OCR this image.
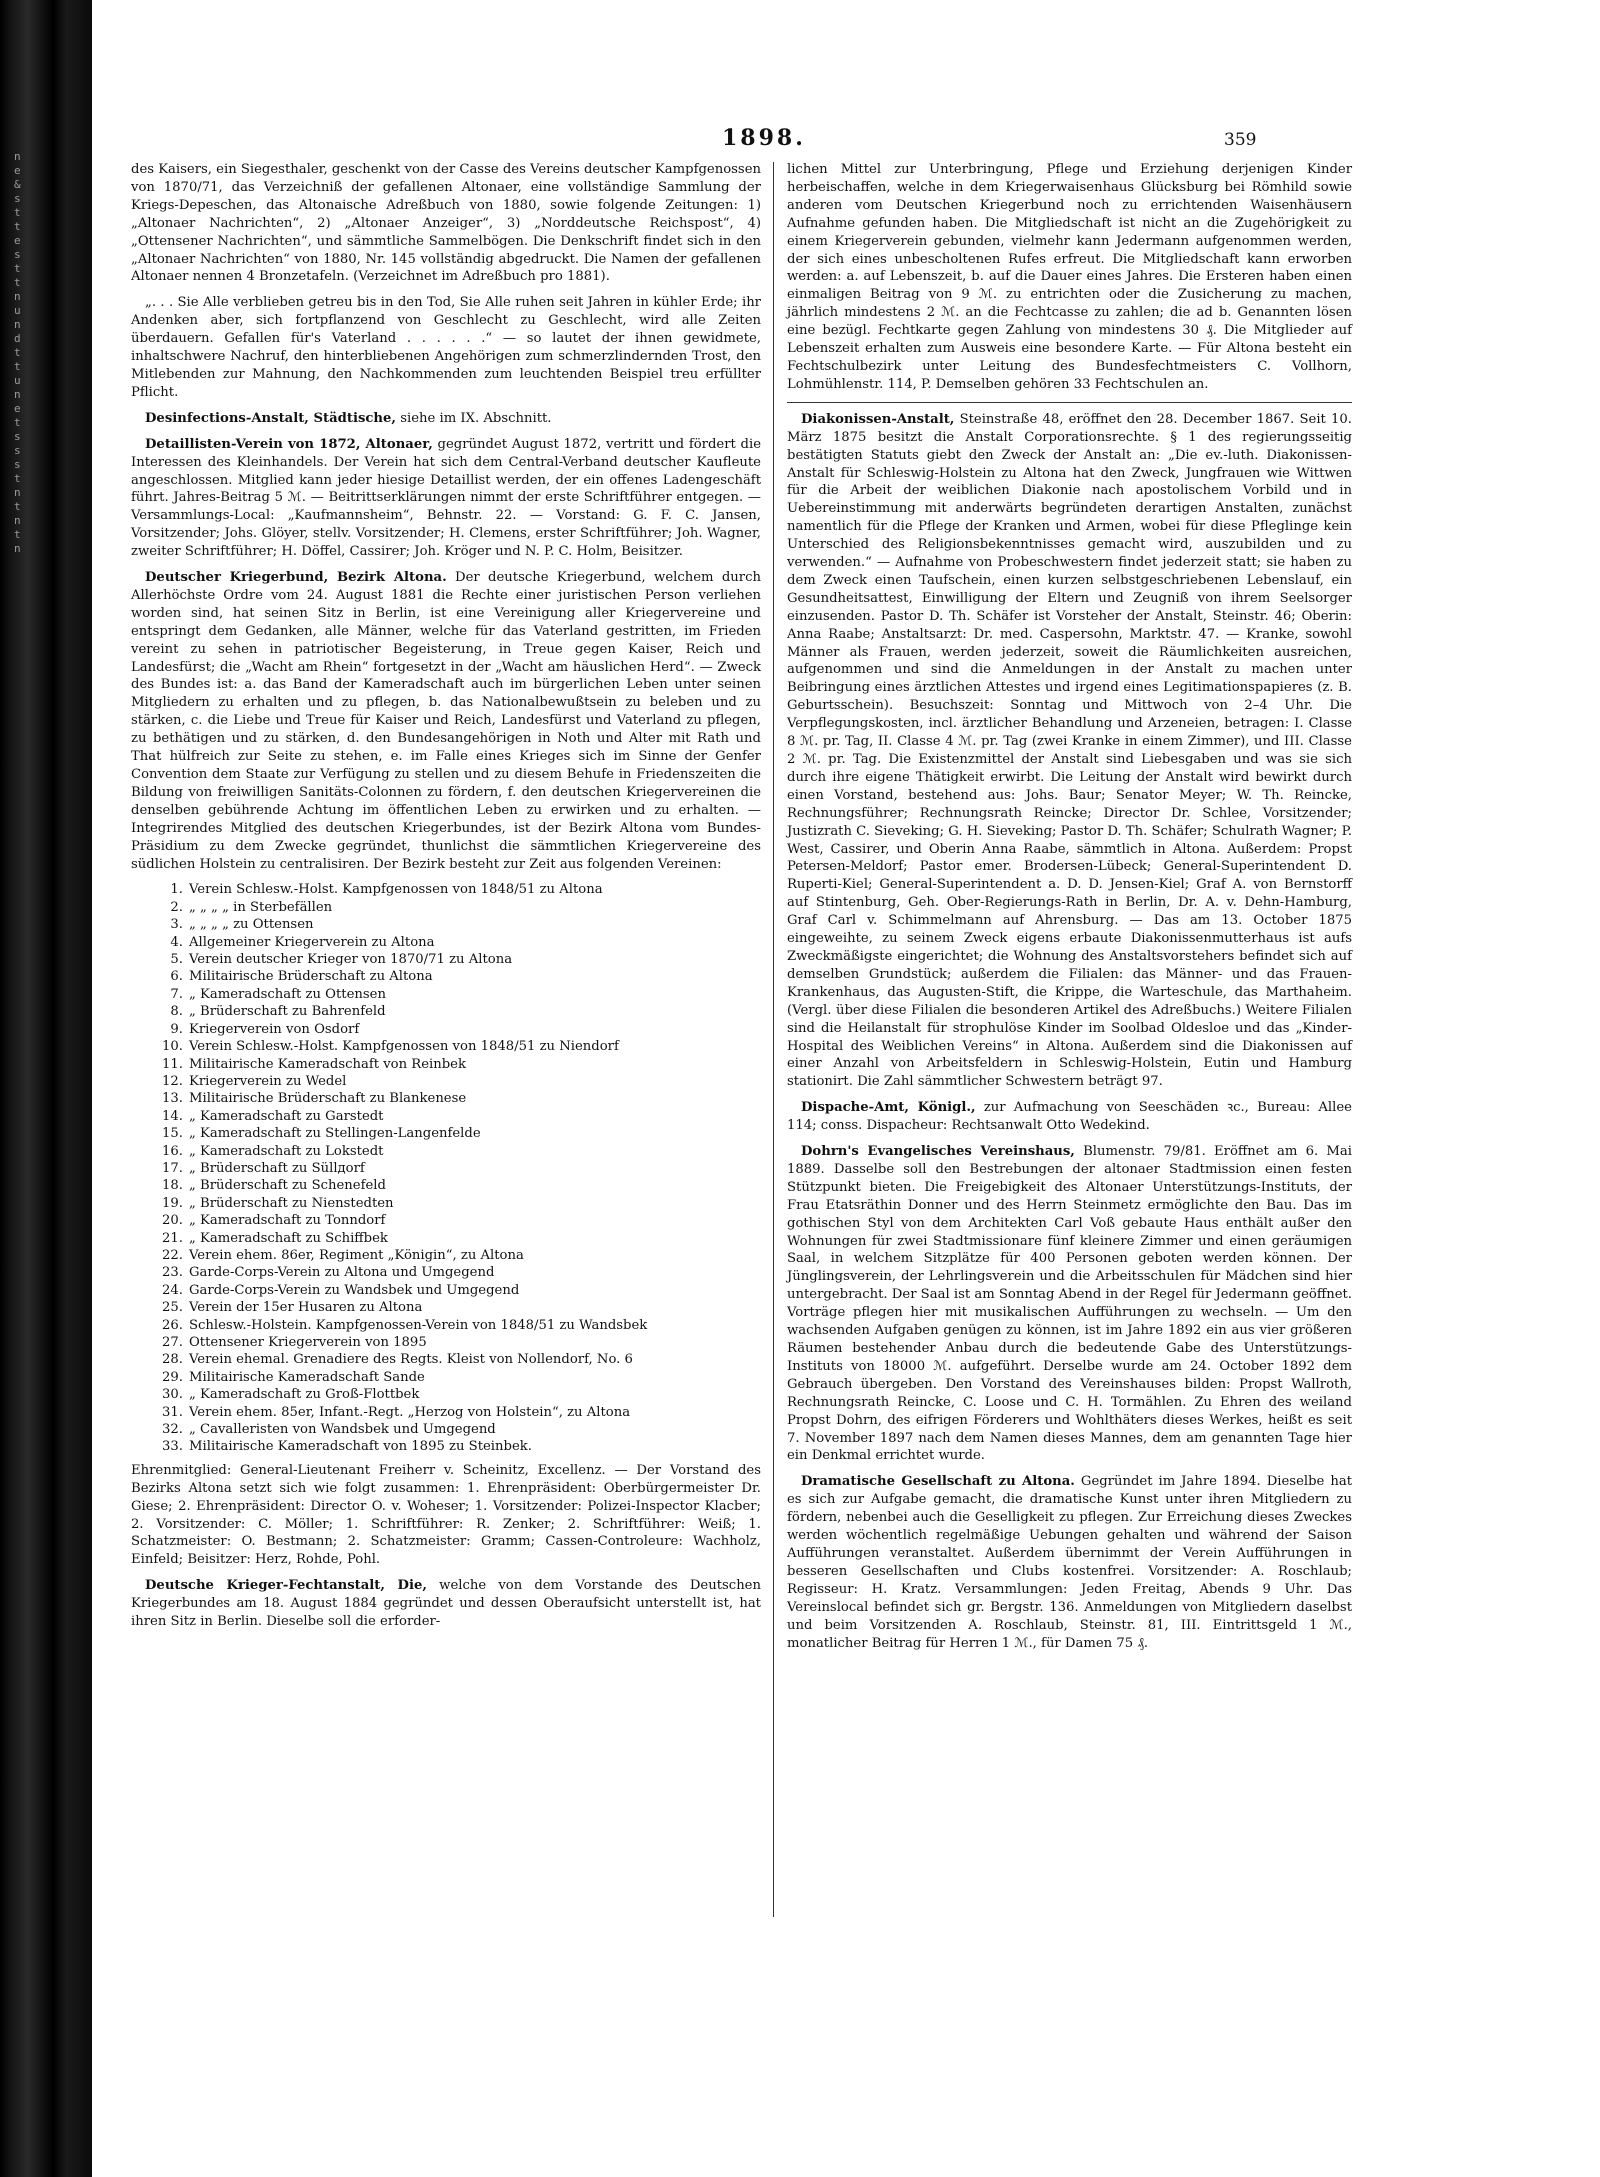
n e & s t t e s t t n u n d t t u n e t s s s t n t n t n
1898.	359

des Kaisers, ein Siegesthaler, geschenkt von der Casse des Vereins deutscher Kampfgenossen von 1870/71, das Verzeichniß der gefallenen Altonaer, eine vollständige Sammlung der Kriegs-Depeschen, das Altonaische Adreßbuch von 1880, sowie folgende Zeitungen: 1) „Altonaer Nachrichten“, 2) „Altonaer Anzeiger“, 3) „Norddeutsche Reichspost“, 4) „Ottensener Nachrichten“, und sämmtliche Sammelbögen. Die Denkschrift findet sich in den „Altonaer Nachrichten“ von 1880, Nr. 145 vollständig abgedruckt. Die Namen der gefallenen Altonaer nennen 4 Bronzetafeln. (Verzeichnet im Adreßbuch pro 1881).

„. . . Sie Alle verblieben getreu bis in den Tod, Sie Alle ruhen seit Jahren in kühler Erde; ihr Andenken aber, sich fortpflanzend von Geschlecht zu Geschlecht, wird alle Zeiten überdauern. Gefallen für's Vaterland . . . . . .“ — so lautet der ihnen gewidmete, inhaltschwere Nachruf, den hinterbliebenen Angehörigen zum schmerzlindernden Trost, den Mitlebenden zur Mahnung, den Nachkommenden zum leuchtenden Beispiel treu erfüllter Pflicht.

Desinfections-Anstalt, Städtische, siehe im IX. Abschnitt.

Detaillisten-Verein von 1872, Altonaer, gegründet August 1872, vertritt und fördert die Interessen des Kleinhandels. Der Verein hat sich dem Central-Verband deutscher Kaufleute angeschlossen. Mitglied kann jeder hiesige Detaillist werden, der ein offenes Ladengeschäft führt. Jahres-Beitrag 5 ℳ. — Beitrittserklärungen nimmt der erste Schriftführer entgegen. — Versammlungs-Local: „Kaufmannsheim“, Behnstr. 22. — Vorstand: G. F. C. Jansen, Vorsitzender; Johs. Glöyer, stellv. Vorsitzender; H. Clemens, erster Schriftführer; Joh. Wagner, zweiter Schriftführer; H. Döffel, Cassirer; Joh. Kröger und N. P. C. Holm, Beisitzer.

Deutscher Kriegerbund, Bezirk Altona. Der deutsche Kriegerbund, welchem durch Allerhöchste Ordre vom 24. August 1881 die Rechte einer juristischen Person verliehen worden sind, hat seinen Sitz in Berlin, ist eine Vereinigung aller Kriegervereine und entspringt dem Gedanken, alle Männer, welche für das Vaterland gestritten, im Frieden vereint zu sehen in patriotischer Begeisterung, in Treue gegen Kaiser, Reich und Landesfürst; die „Wacht am Rhein“ fortgesetzt in der „Wacht am häuslichen Herd“. — Zweck des Bundes ist: a. das Band der Kameradschaft auch im bürgerlichen Leben unter seinen Mitgliedern zu erhalten und zu pflegen, b. das Nationalbewußtsein zu beleben und zu stärken, c. die Liebe und Treue für Kaiser und Reich, Landesfürst und Vaterland zu pflegen, zu bethätigen und zu stärken, d. den Bundesangehörigen in Noth und Alter mit Rath und That hülfreich zur Seite zu stehen, e. im Falle eines Krieges sich im Sinne der Genfer Convention dem Staate zur Verfügung zu stellen und zu diesem Behufe in Friedenszeiten die Bildung von freiwilligen Sanitäts-Colonnen zu fördern, f. den deutschen Kriegervereinen die denselben gebührende Achtung im öffentlichen Leben zu erwirken und zu erhalten. — Integrirendes Mitglied des deutschen Kriegerbundes, ist der Bezirk Altona vom Bundes-Präsidium zu dem Zwecke gegründet, thunlichst die sämmtlichen Kriegervereine des südlichen Holstein zu centralisiren. Der Bezirk besteht zur Zeit aus folgenden Vereinen:

1. Verein Schlesw.-Holst. Kampfgenossen von 1848/51 zu Altona
2. „ „ „ „ in Sterbefällen
3. „ „ „ „ zu Ottensen
4. Allgemeiner Kriegerverein zu Altona
5. Verein deutscher Krieger von 1870/71 zu Altona
6. Militairische Brüderschaft zu Altona
7. „ Kameradschaft zu Ottensen
8. „ Brüderschaft zu Bahrenfeld
9. Kriegerverein von Osdorf
10. Verein Schlesw.-Holst. Kampfgenossen von 1848/51 zu Niendorf
11. Militairische Kameradschaft von Reinbek
12. Kriegerverein zu Wedel
13. Militairische Brüderschaft zu Blankenese
14. „ Kameradschaft zu Garstedt
15. „ Kameradschaft zu Stellingen-Langenfelde
16. „ Kameradschaft zu Lokstedt
17. „ Brüderschaft zu Süllдorf
18. „ Brüderschaft zu Schenefeld
19. „ Brüderschaft zu Nienstedten
20. „ Kameradschaft zu Tonndorf
21. „ Kameradschaft zu Schiffbek
22. Verein ehem. 86er, Regiment „Königin“, zu Altona
23. Garde-Corps-Verein zu Altona und Umgegend
24. Garde-Corps-Verein zu Wandsbek und Umgegend
25. Verein der 15er Husaren zu Altona
26. Schlesw.-Holstein. Kampfgenossen-Verein von 1848/51 zu Wandsbek
27. Ottensener Kriegerverein von 1895
28. Verein ehemal. Grenadiere des Regts. Kleist von Nollendorf, No. 6
29. Militairische Kameradschaft Sande
30. „ Kameradschaft zu Groß-Flottbek
31. Verein ehem. 85er, Infant.-Regt. „Herzog von Holstein“, zu Altona
32. „ Cavalleristen von Wandsbek und Umgegend
33. Militairische Kameradschaft von 1895 zu Steinbek.

Ehrenmitglied: General-Lieutenant Freiherr v. Scheinitz, Excellenz. — Der Vorstand des Bezirks Altona setzt sich wie folgt zusammen: 1. Ehrenpräsident: Oberbürgermeister Dr. Giese; 2. Ehrenpräsident: Director O. v. Woheser; 1. Vorsitzender: Polizei-Inspector Klacber; 2. Vorsitzender: C. Möller; 1. Schriftführer: R. Zenker; 2. Schriftführer: Weiß; 1. Schatzmeister: O. Bestmann; 2. Schatzmeister: Gramm; Cassen-Controleure: Wachholz, Einfeld; Beisitzer: Herz, Rohde, Pohl.

Deutsche Krieger-Fechtanstalt, Die, welche von dem Vorstande des Deutschen Kriegerbundes am 18. August 1884 gegründet und dessen Oberaufsicht unterstellt ist, hat ihren Sitz in Berlin. Dieselbe soll die erforder-

lichen Mittel zur Unterbringung, Pflege und Erziehung derjenigen Kinder herbeischaffen, welche in dem Kriegerwaisenhaus Glücksburg bei Römhild sowie anderen vom Deutschen Kriegerbund noch zu errichtenden Waisenhäusern Aufnahme gefunden haben. Die Mitgliedschaft ist nicht an die Zugehörigkeit zu einem Kriegerverein gebunden, vielmehr kann Jedermann aufgenommen werden, der sich eines unbescholtenen Rufes erfreut. Die Mitgliedschaft kann erworben werden: a. auf Lebenszeit, b. auf die Dauer eines Jahres. Die Ersteren haben einen einmaligen Beitrag von 9 ℳ. zu entrichten oder die Zusicherung zu machen, jährlich mindestens 2 ℳ. an die Fechtcasse zu zahlen; die ad b. Genannten lösen eine bezügl. Fechtkarte gegen Zahlung von mindestens 30 ₰. Die Mitglieder auf Lebenszeit erhalten zum Ausweis eine besondere Karte. — Für Altona besteht ein Fechtschulbezirk unter Leitung des Bundesfechtmeisters C. Vollhorn, Lohmühlenstr. 114, P. Demselben gehören 33 Fechtschulen an.

Diakonissen-Anstalt, Steinstraße 48, eröffnet den 28. December 1867. Seit 10. März 1875 besitzt die Anstalt Corporationsrechte. § 1 des regierungsseitig bestätigten Statuts giebt den Zweck der Anstalt an: „Die ev.-luth. Diakonissen-Anstalt für Schleswig-Holstein zu Altona hat den Zweck, Jungfrauen wie Wittwen für die Arbeit der weiblichen Diakonie nach apostolischem Vorbild und in Uebereinstimmung mit anderwärts begründeten derartigen Anstalten, zunächst namentlich für die Pflege der Kranken und Armen, wobei für diese Pfleglinge kein Unterschied des Religionsbekenntnisses gemacht wird, auszubilden und zu verwenden.“ — Aufnahme von Probeschwestern findet jederzeit statt; sie haben zu dem Zweck einen Taufschein, einen kurzen selbstgeschriebenen Lebenslauf, ein Gesundheitsattest, Einwilligung der Eltern und Zeugniß von ihrem Seelsorger einzusenden. Pastor D. Th. Schäfer ist Vorsteher der Anstalt, Steinstr. 46; Oberin: Anna Raabe; Anstaltsarzt: Dr. med. Caspersohn, Marktstr. 47. — Kranke, sowohl Männer als Frauen, werden jederzeit, soweit die Räumlichkeiten ausreichen, aufgenommen und sind die Anmeldungen in der Anstalt zu machen unter Beibringung eines ärztlichen Attestes und irgend eines Legitimationspapieres (z. B. Geburtsschein). Besuchszeit: Sonntag und Mittwoch von 2–4 Uhr. Die Verpflegungskosten, incl. ärztlicher Behandlung und Arzeneien, betragen: I. Classe 8 ℳ. pr. Tag, II. Classe 4 ℳ. pr. Tag (zwei Kranke in einem Zimmer), und III. Classe 2 ℳ. pr. Tag. Die Existenzmittel der Anstalt sind Liebesgaben und was sie sich durch ihre eigene Thätigkeit erwirbt. Die Leitung der Anstalt wird bewirkt durch einen Vorstand, bestehend aus: Johs. Baur; Senator Meyer; W. Th. Reincke, Rechnungsführer; Rechnungsrath Reincke; Director Dr. Schlee, Vorsitzender; Justizrath C. Sieveking; G. H. Sieveking; Pastor D. Th. Schäfer; Schulrath Wagner; P. West, Cassirer, und Oberin Anna Raabe, sämmtlich in Altona. Außerdem: Propst Petersen-Meldorf; Pastor emer. Brodersen-Lübeck; General-Superintendent D. Ruperti-Kiel; General-Superintendent a. D. D. Jensen-Kiel; Graf A. von Bernstorff auf Stintenburg, Geh. Ober-Regierungs-Rath in Berlin, Dr. A. v. Dehn-Hamburg, Graf Carl v. Schimmelmann auf Ahrensburg. — Das am 13. October 1875 eingeweihte, zu seinem Zweck eigens erbaute Diakonissenmutterhaus ist aufs Zweckmäßigste eingerichtet; die Wohnung des Anstaltsvorstehers befindet sich auf demselben Grundstück; außerdem die Filialen: das Männer- und das Frauen-Krankenhaus, das Augusten-Stift, die Krippe, die Warteschule, das Marthaheim. (Vergl. über diese Filialen die besonderen Artikel des Adreßbuchs.) Weitere Filialen sind die Heilanstalt für strophulöse Kinder im Soolbad Oldesloe und das „Kinder-Hospital des Weiblichen Vereins“ in Altona. Außerdem sind die Diakonissen auf einer Anzahl von Arbeitsfeldern in Schleswig-Holstein, Eutin und Hamburg stationirt. Die Zahl sämmtlicher Schwestern beträgt 97.

Dispache-Amt, Königl., zur Aufmachung von Seeschäden ꝛc., Bureau: Allee 114; conss. Dispacheur: Rechtsanwalt Otto Wedekind.

Dohrn's Evangelisches Vereinshaus, Blumenstr. 79/81. Eröffnet am 6. Mai 1889. Dasselbe soll den Bestrebungen der altonaer Stadtmission einen festen Stützpunkt bieten. Die Freigebigkeit des Altonaer Unterstützungs-Instituts, der Frau Etatsräthin Donner und des Herrn Steinmetz ermöglichte den Bau. Das im gothischen Styl von dem Architekten Carl Voß gebaute Haus enthält außer den Wohnungen für zwei Stadtmissionare fünf kleinere Zimmer und einen geräumigen Saal, in welchem Sitzplätze für 400 Personen geboten werden können. Der Jünglingsverein, der Lehrlingsverein und die Arbeitsschulen für Mädchen sind hier untergebracht. Der Saal ist am Sonntag Abend in der Regel für Jedermann geöffnet. Vorträge pflegen hier mit musikalischen Aufführungen zu wechseln. — Um den wachsenden Aufgaben genügen zu können, ist im Jahre 1892 ein aus vier größeren Räumen bestehender Anbau durch die bedeutende Gabe des Unterstützungs-Instituts von 18000 ℳ. aufgeführt. Derselbe wurde am 24. October 1892 dem Gebrauch übergeben. Den Vorstand des Vereinshauses bilden: Propst Wallroth, Rechnungsrath Reincke, C. Loose und C. H. Tormählen. Zu Ehren des weiland Propst Dohrn, des eifrigen Förderers und Wohlthäters dieses Werkes, heißt es seit 7. November 1897 nach dem Namen dieses Mannes, dem am genannten Tage hier ein Denkmal errichtet wurde.

Dramatische Gesellschaft zu Altona. Gegründet im Jahre 1894. Dieselbe hat es sich zur Aufgabe gemacht, die dramatische Kunst unter ihren Mitgliedern zu fördern, nebenbei auch die Geselligkeit zu pflegen. Zur Erreichung dieses Zweckes werden wöchentlich regelmäßige Uebungen gehalten und während der Saison Aufführungen veranstaltet. Außerdem übernimmt der Verein Aufführungen in besseren Gesellschaften und Clubs kostenfrei. Vorsitzender: A. Roschlaub; Regisseur: H. Kratz. Versammlungen: Jeden Freitag, Abends 9 Uhr. Das Vereinslocal befindet sich gr. Bergstr. 136. Anmeldungen von Mitgliedern daselbst und beim Vorsitzenden A. Roschlaub, Steinstr. 81, III. Eintrittsgeld 1 ℳ., monatlicher Beitrag für Herren 1 ℳ., für Damen 75 ₰.
